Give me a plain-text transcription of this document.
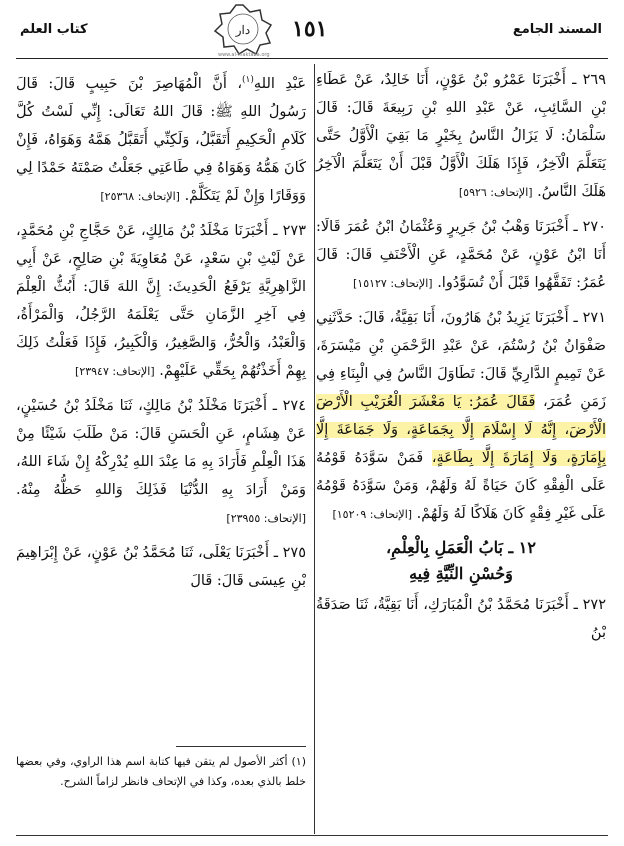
المسند الجامع
١٥١
دار
www.al-maktaba.org
كتاب العلم

٢٦٩ ـ أَخْبَرَنَا عَمْرُو بْنُ عَوْنٍ، أَنَا خَالِدٌ، عَنْ عَطَاءِ بْنِ السَّائِبِ، عَنْ عَبْدِ اللهِ بْنِ رَبِيعَةَ قَالَ: قَالَ سَلْمَانُ: لَا يَزَالُ النَّاسُ بِخَيْرٍ مَا بَقِيَ الْأَوَّلُ حَتَّى يَتَعَلَّمَ الْآخِرُ، فَإِذَا هَلَكَ الْأَوَّلُ قَبْلَ أَنْ يَتَعَلَّمَ الْآخِرُ هَلَكَ النَّاسُ. [الإتحاف: ٥٩٢٦]

٢٧٠ ـ أَخْبَرَنَا وَهْبُ بْنُ جَرِيرٍ وَعُثْمَانُ ابْنُ عُمَرَ قَالَا: أَنَا ابْنُ عَوْنٍ، عَنْ مُحَمَّدٍ، عَنِ الْأَحْنَفِ قَالَ: قَالَ عُمَرُ: تَفَقَّهُوا قَبْلَ أَنْ تُسَوَّدُوا. [الإتحاف: ١٥١٢٧]

٢٧١ ـ أَخْبَرَنَا يَزِيدُ بْنُ هَارُونَ، أَنَا بَقِيَّةُ، قَالَ: حَدَّثَنِي صَفْوَانُ بْنُ رُسْتُمَ، عَنْ عَبْدِ الرَّحْمَنِ بْنِ مَيْسَرَةَ، عَنْ تَمِيمٍ الدَّارِيِّ قَالَ: تَطَاوَلَ النَّاسُ فِي الْبِنَاءِ فِي زَمَنِ عُمَرَ، فَقَالَ عُمَرُ: يَا مَعْشَرَ الْعُرَيْبِ الْأَرْضَ الْأَرْضَ، إِنَّهُ لَا إِسْلَامَ إِلَّا بِجَمَاعَةٍ، وَلَا جَمَاعَةَ إِلَّا بِإِمَارَةٍ، وَلَا إِمَارَةَ إِلَّا بِطَاعَةٍ، فَمَنْ سَوَّدَهُ قَوْمُهُ عَلَى الْفِقْهِ كَانَ حَيَاةً لَهُ وَلَهُمْ، وَمَنْ سَوَّدَهُ قَوْمُهُ عَلَى غَيْرِ فِقْهٍ كَانَ هَلَاكًا لَهُ وَلَهُمْ. [الإتحاف: ١٥٢٠٩]

١٢ ـ بَابُ الْعَمَلِ بِالْعِلْمِ،
وَحُسْنِ النِّيَّةِ فِيهِ

٢٧٢ ـ أَخْبَرَنَا مُحَمَّدُ بْنُ الْمُبَارَكِ، أَنَا بَقِيَّةُ، ثَنَا صَدَقَةُ بْنُ

عَبْدِ اللهِ$^{(١)}$، أَنَّ الْمُهَاصِرَ بْنَ حَبِيبٍ قَالَ: قَالَ رَسُولُ اللهِ ﷺ: قَالَ اللهُ تَعَالَى: إِنِّي لَسْتُ كُلَّ كَلَامِ الْحَكِيمِ أَتَقَبَّلُ، وَلَكِنِّي أَتَقَبَّلُ هَمَّهُ وَهَوَاهُ، فَإِنْ كَانَ هَمُّهُ وَهَوَاهُ فِي طَاعَتِي جَعَلْتُ صَمْتَهُ حَمْدًا لِي وَوَقَارًا وَإِنْ لَمْ يَتَكَلَّمْ. [الإتحاف: ٢٥٣٦٨]

٢٧٣ ـ أَخْبَرَنَا مَخْلَدُ بْنُ مَالِكٍ، عَنْ حَجَّاجِ بْنِ مُحَمَّدٍ، عَنْ لَيْثِ بْنِ سَعْدٍ، عَنْ مُعَاوِيَةَ بْنِ صَالِحٍ، عَنْ أَبِي الزَّاهِرِيَّةِ يَرْفَعُ الْحَدِيثَ: إِنَّ اللهَ قَالَ: أَبُثُّ الْعِلْمَ فِي آخِرِ الزَّمَانِ حَتَّى يَعْلَمَهُ الرَّجُلُ، وَالْمَرْأَةُ، وَالْعَبْدُ، وَالْحُرُّ، وَالصَّغِيرُ، وَالْكَبِيرُ، فَإِذَا فَعَلْتُ ذَلِكَ بِهِمْ أَخَذْتُهُمْ بِحَقِّي عَلَيْهِمْ. [الإتحاف: ٢٣٩٤٧]

٢٧٤ ـ أَخْبَرَنَا مَخْلَدُ بْنُ مَالِكٍ، ثَنَا مَخْلَدُ بْنُ حُسَيْنٍ، عَنْ هِشَامٍ، عَنِ الْحَسَنِ قَالَ: مَنْ طَلَبَ شَيْئًا مِنْ هَذَا الْعِلْمِ فَأَرَادَ بِهِ مَا عِنْدَ اللهِ يُدْرِكْهُ إِنْ شَاءَ اللهُ، وَمَنْ أَرَادَ بِهِ الدُّنْيَا فَذَلِكَ وَاللهِ حَظُّهُ مِنْهُ. [الإتحاف: ٢٣٩٥٥]

٢٧٥ ـ أَخْبَرَنَا يَعْلَى، ثَنَا مُحَمَّدُ بْنُ عَوْنٍ، عَنْ إِبْرَاهِيمَ بْنِ عِيسَى قَالَ: قَالَ

(١) أكثر الأصول لم يتقن فيها كتابة اسم هذا الراوي، وفي بعضها خلط بالذي بعده، وكذا في الإتحاف فانظر لزاماً الشرح.
